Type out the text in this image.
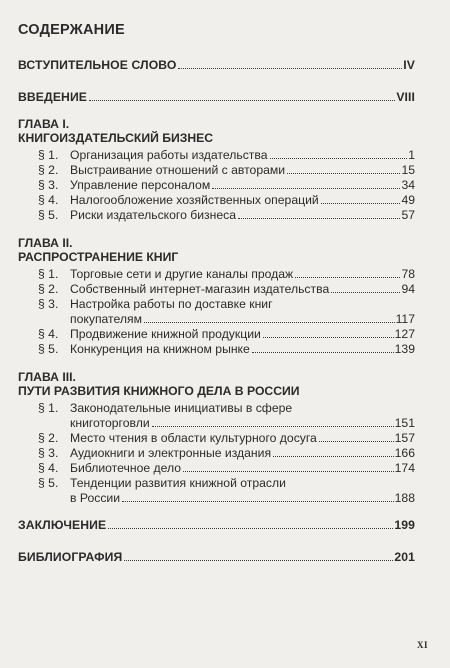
СОДЕРЖАНИЕ
ВСТУПИТЕЛЬНОЕ СЛОВО	IV
ВВЕДЕНИЕ	VIII
ГЛАВА I.
КНИГОИЗДАТЕЛЬСКИЙ БИЗНЕС
§ 1. Организация работы издательства	1
§ 2. Выстраивание отношений с авторами	15
§ 3. Управление персоналом	34
§ 4. Налогообложение хозяйственных операций	49
§ 5. Риски издательского бизнеса	57
ГЛАВА II.
РАСПРОСТРАНЕНИЕ КНИГ
§ 1. Торговые сети и другие каналы продаж	78
§ 2. Собственный интернет-магазин издательства	94
§ 3. Настройка работы по доставке книг
покупателям	117
§ 4. Продвижение книжной продукции	127
§ 5. Конкуренция на книжном рынке	139
ГЛАВА III.
ПУТИ РАЗВИТИЯ КНИЖНОГО ДЕЛА В РОССИИ
§ 1. Законодательные инициативы в сфере
книготорговли	151
§ 2. Место чтения в области культурного досуга	157
§ 3. Аудиокниги и электронные издания	166
§ 4. Библиотечное дело	174
§ 5. Тенденции развития книжной отрасли
в России	188
ЗАКЛЮЧЕНИЕ	199
БИБЛИОГРАФИЯ	201
XI
